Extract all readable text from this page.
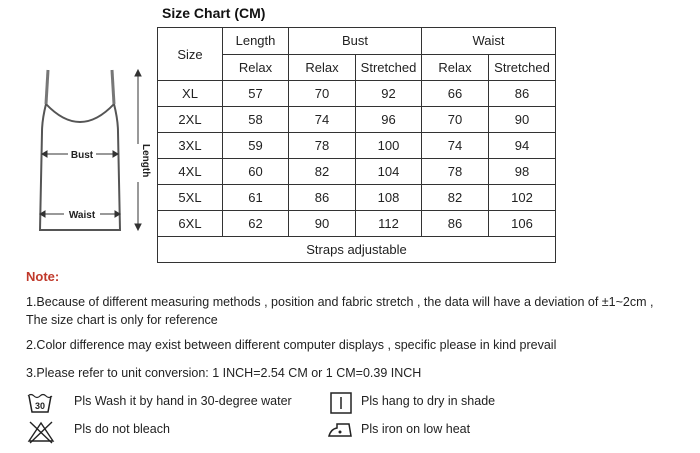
Size Chart (CM)
Bust
Waist
Length
Size	Length	Bust		Waist	
	Relax	Relax	Stretched	Relax	Stretched
XL	57	70	92	66	86
2XL	58	74	96	70	90
3XL	59	78	100	74	94
4XL	60	82	104	78	98
5XL	61	86	108	82	102
6XL	62	90	112	86	106
Straps adjustable					
Note:
1.Because of different measuring methods , position and fabric stretch , the data will have a deviation of ±1~2cm ,
The size chart is only for reference
2.Color difference may exist between different computer displays , specific please in kind prevail
3.Please refer to unit conversion: 1 INCH=2.54 CM or 1 CM=0.39 INCH
30 Pls Wash it by hand in 30-degree water	Pls hang to dry in shade
Pls do not bleach	Pls iron on low heat
